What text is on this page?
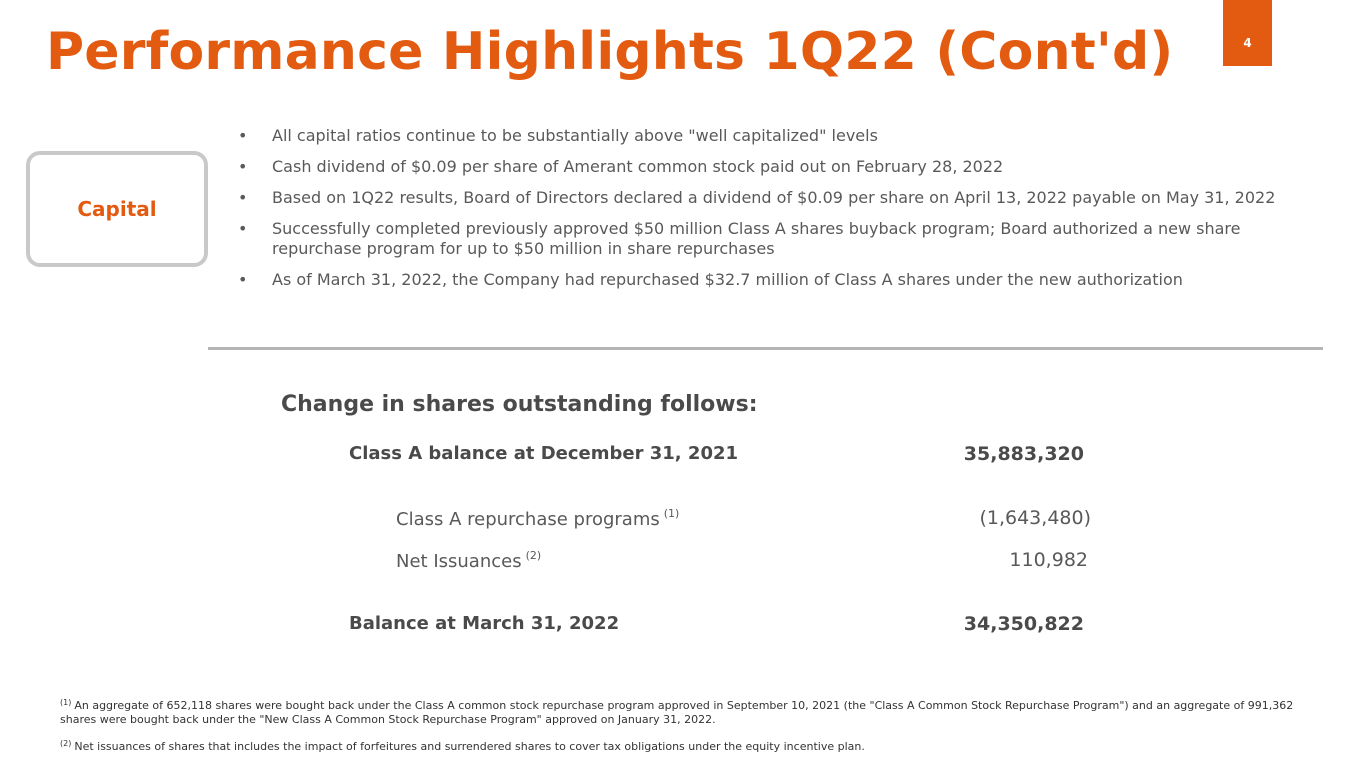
Performance Highlights 1Q22 (Cont'd)	4
Capital
• All capital ratios continue to be substantially above "well capitalized" levels
• Cash dividend of $0.09 per share of Amerant common stock paid out on February 28, 2022
• Based on 1Q22 results, Board of Directors declared a dividend of $0.09 per share on April 13, 2022 payable on May 31, 2022
• Successfully completed previously approved $50 million Class A shares buyback program; Board authorized a new share repurchase program for up to $50 million in share repurchases
• As of March 31, 2022, the Company had repurchased $32.7 million of Class A shares under the new authorization
Change in shares outstanding follows:
Class A balance at December 31, 2021	35,883,320
Class A repurchase programs $^{(1)}$	(1,643,480)
Net Issuances $^{(2)}$	110,982
Balance at March 31, 2022	34,350,822
$^{(1)}$ An aggregate of 652,118 shares were bought back under the Class A common stock repurchase program approved in September 10, 2021 (the "Class A Common Stock Repurchase Program") and an aggregate of 991,362 shares were bought back under the "New Class A Common Stock Repurchase Program" approved on January 31, 2022.
$^{(2)}$ Net issuances of shares that includes the impact of forfeitures and surrendered shares to cover tax obligations under the equity incentive plan.
